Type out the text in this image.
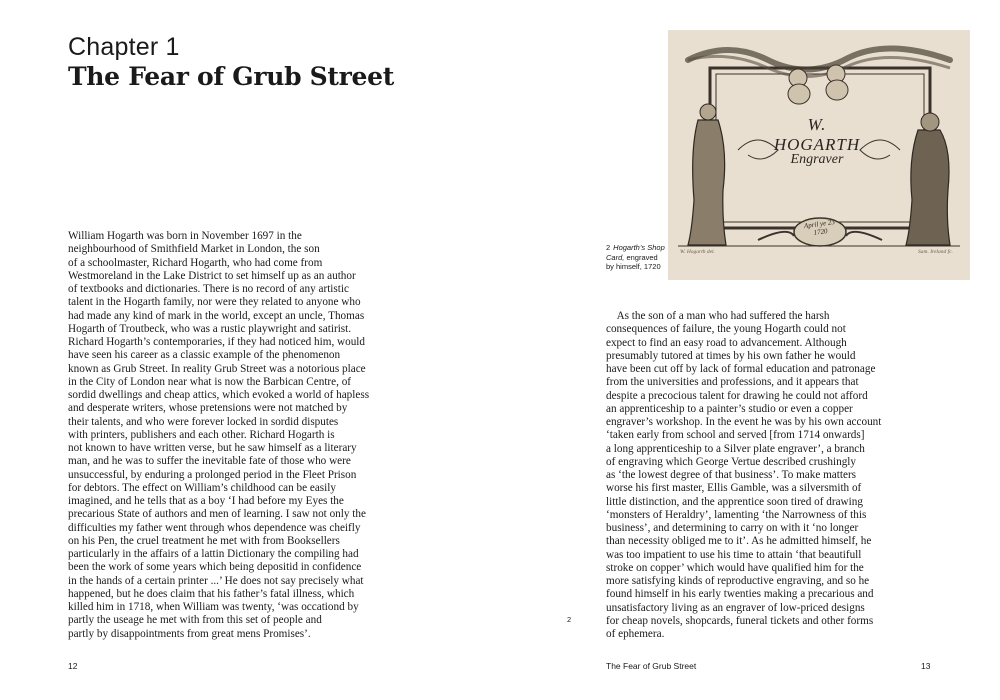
Chapter 1
The Fear of Grub Street
William Hogarth was born in November 1697 in the
neighbourhood of Smithfield Market in London, the son
of a schoolmaster, Richard Hogarth, who had come from
Westmoreland in the Lake District to set himself up as an author
of textbooks and dictionaries. There is no record of any artistic
talent in the Hogarth family, nor were they related to anyone who
had made any kind of mark in the world, except an uncle, Thomas
Hogarth of Troutbeck, who was a rustic playwright and satirist.
Richard Hogarth’s contemporaries, if they had noticed him, would
have seen his career as a classic example of the phenomenon
known as Grub Street. In reality Grub Street was a notorious place
in the City of London near what is now the Barbican Centre, of
sordid dwellings and cheap attics, which evoked a world of hapless
and desperate writers, whose pretensions were not matched by
their talents, and who were forever locked in sordid disputes
with printers, publishers and each other. Richard Hogarth is
not known to have written verse, but he saw himself as a literary
man, and he was to suffer the inevitable fate of those who were
unsuccessful, by enduring a prolonged period in the Fleet Prison
for debtors. The effect on William’s childhood can be easily
imagined, and he tells that as a boy ‘I had before my Eyes the
precarious State of authors and men of learning. I saw not only the
difficulties my father went through whos dependence was cheifly
on his Pen, the cruel treatment he met with from Booksellers
particularly in the affairs of a lattin Dictionary the compiling had
been the work of some years which being depositid in confidence
in the hands of a certain printer ...’ He does not say precisely what
happened, but he does claim that his father’s fatal illness, which
killed him in 1718, when William was twenty, ‘was occationd by
partly the useage he met with from this set of people and
partly by disappointments from great mens Promises’.
2 Hogarth’s Shop Card, engraved by himself, 1720
W. HOGARTH
Engraver
April ye 23 1720
W. Hogarth del.	Sam. Ireland fc.
As the son of a man who had suffered the harsh
consequences of failure, the young Hogarth could not
expect to find an easy road to advancement. Although
presumably tutored at times by his own father he would
have been cut off by lack of formal education and patronage
from the universities and professions, and it appears that
despite a precocious talent for drawing he could not afford
an apprenticeship to a painter’s studio or even a copper
engraver’s workshop. In the event he was by his own account
‘taken early from school and served [from 1714 onwards]
a long apprenticeship to a Silver plate engraver’, a branch
of engraving which George Vertue described crushingly
as ‘the lowest degree of that business’. To make matters
worse his first master, Ellis Gamble, was a silversmith of
little distinction, and the apprentice soon tired of drawing
‘monsters of Heraldry’, lamenting ‘the Narrowness of this
business’, and determining to carry on with it ‘no longer
than necessity obliged me to it’. As he admitted himself, he
was too impatient to use his time to attain ‘that beautifull
stroke on copper’ which would have qualified him for the
more satisfying kinds of reproductive engraving, and so he
found himself in his early twenties making a precarious and
unsatisfactory living as an engraver of low-priced designs
for cheap novels, shopcards, funeral tickets and other forms
of ephemera.
2
12	The Fear of Grub Street	13
